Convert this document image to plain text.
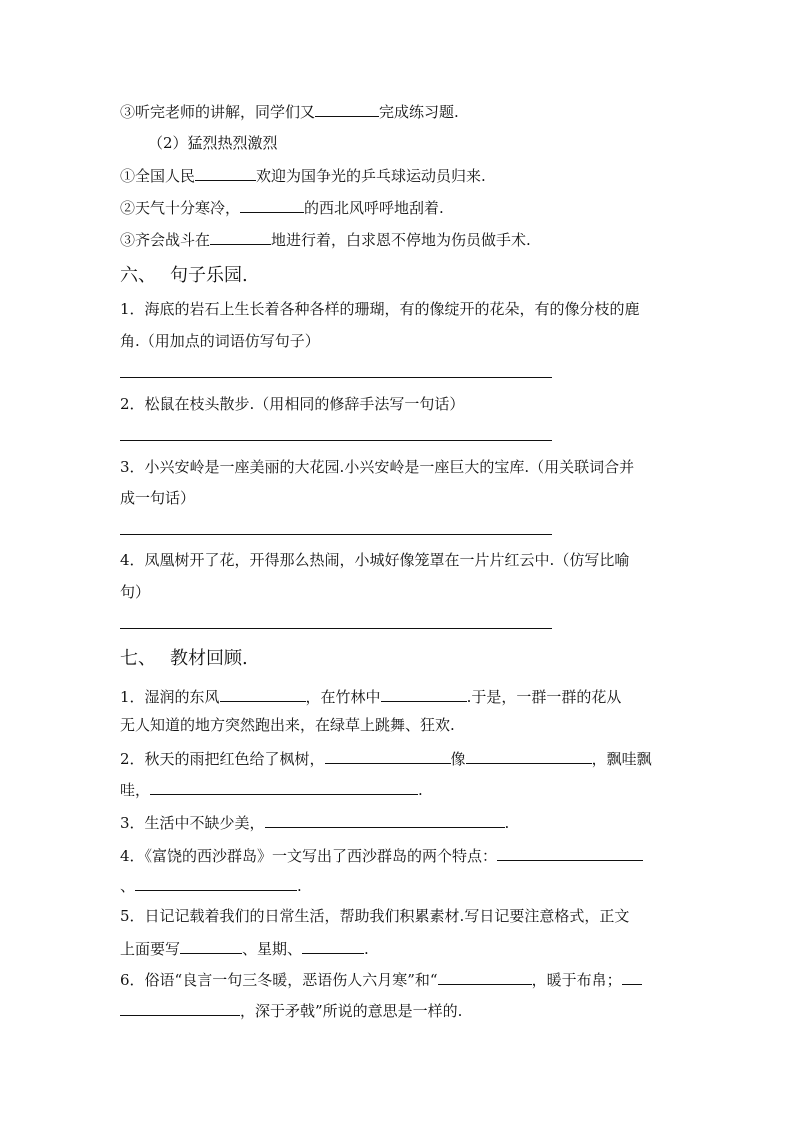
③听完老师的讲解，同学们又	完成练习题.
（2）猛烈热烈激烈
①全国人民	欢迎为国争光的乒乓球运动员归来.
②天气十分寒冷，	的西北风呼呼地刮着.
③齐会战斗在	地进行着，白求恩不停地为伤员做手术.
六、 句子乐园.
1．海底的岩石上生长着各种各样的珊瑚，有的像绽开的花朵，有的像分枝的鹿
角.（用加点的词语仿写句子）
2．松鼠在枝头散步.（用相同的修辞手法写一句话）
3．小兴安岭是一座美丽的大花园.小兴安岭是一座巨大的宝库.（用关联词合并
成一句话）
4．凤凰树开了花，开得那么热闹，小城好像笼罩在一片片红云中.（仿写比喻
句）
七、 教材回顾.
1．湿润的东风	，在竹林中	.于是，一群一群的花从
无人知道的地方突然跑出来，在绿草上跳舞、狂欢.
2．秋天的雨把红色给了枫树，	像	，飘哇飘
哇，	.
3．生活中不缺少美，	.
4．《富饶的西沙群岛》一文写出了西沙群岛的两个特点：
、	.
5．日记记载着我们的日常生活，帮助我们积累素材.写日记要注意格式，正文
上面要写	、星期、	.
6．俗语“良言一句三冬暖，恶语伤人六月寒”和“	，暖于布帛；
，深于矛戟”所说的意思是一样的.
